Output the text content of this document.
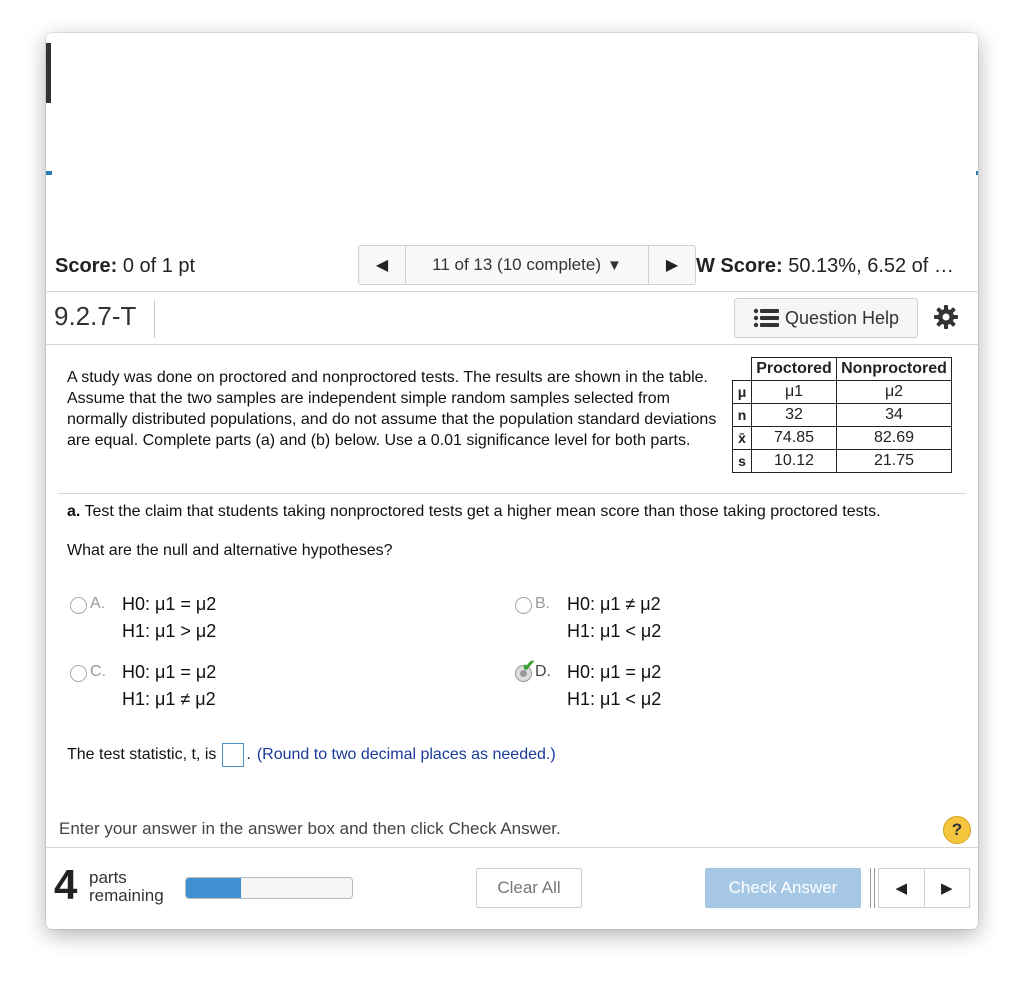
Score: 0 of 1 pt	◀	11 of 13 (10 complete) ▼	▶ W Score: 50.13%, 6.52 of …
9.2.7-T	Question Help
A study was done on proctored and nonproctored tests. The results are shown in the table. Assume that the two samples are independent simple random samples selected from normally distributed populations, and do not assume that the population standard deviations are equal. Complete parts (a) and (b) below. Use a 0.01 significance level for both parts.
	Proctored	Nonproctored
μ	μ1	μ2
n	32	34
x̄	74.85	82.69
s	10.12	21.75
a. Test the claim that students taking nonproctored tests get a higher mean score than those taking proctored tests.
What are the null and alternative hypotheses?
A. H0: μ1 = μ2
H1: μ1 > μ2
B. H0: μ1 ≠ μ2
H1: μ1 < μ2
C. H0: μ1 = μ2
H1: μ1 ≠ μ2
✔ D. H0: μ1 = μ2
H1: μ1 < μ2
The test statistic, t, is . (Round to two decimal places as needed.)
Enter your answer in the answer box and then click Check Answer.	?
4 parts
remaining	Clear All	Check Answer	◀ ▶
